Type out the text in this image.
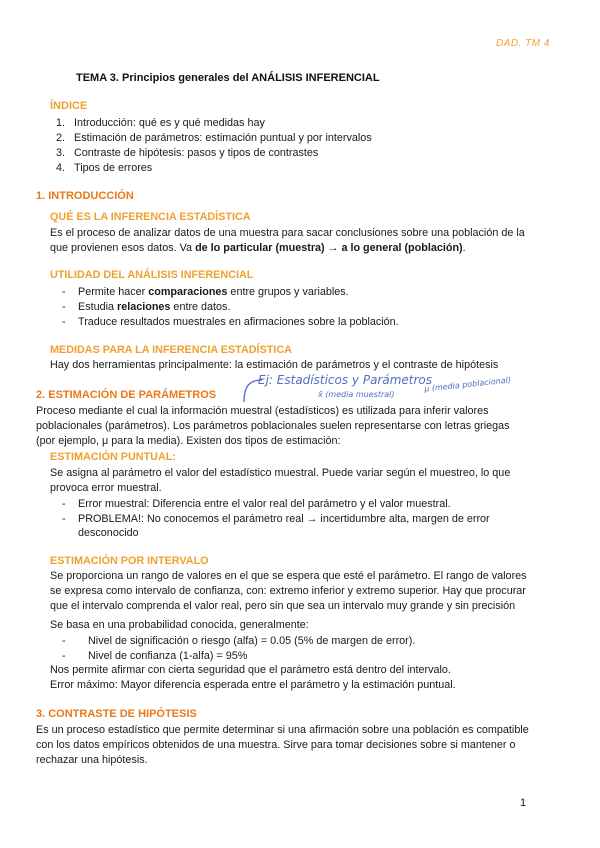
DAD. TM 4
TEMA 3. Principios generales del ANÁLISIS INFERENCIAL
ÍNDICE
1. Introducción: qué es y qué medidas hay
2. Estimación de parámetros: estimación puntual y por intervalos
3. Contraste de hipótesis: pasos y tipos de contrastes
4. Tipos de errores
1. INTRODUCCIÓN
QUÉ ES LA INFERENCIA ESTADÍSTICA
Es el proceso de analizar datos de una muestra para sacar conclusiones sobre una población de la
que provienen esos datos. Va de lo particular (muestra) → a lo general (población).
UTILIDAD DEL ANÁLISIS INFERENCIAL
- Permite hacer comparaciones entre grupos y variables.
- Estudia relaciones entre datos.
- Traduce resultados muestrales en afirmaciones sobre la población.
MEDIDAS PARA LA INFERENCIA ESTADÍSTICA
Hay dos herramientas principalmente: la estimación de parámetros y el contraste de hipótesis
Ej: Estadísticos y Parámetros
x̄ (media muestral)
μ (media poblacional)
2. ESTIMACIÓN DE PARÁMETROS
Proceso mediante el cual la información muestral (estadísticos) es utilizada para inferir valores
poblacionales (parámetros). Los parámetros poblacionales suelen representarse con letras griegas
(por ejemplo, μ para la media). Existen dos tipos de estimación:
ESTIMACIÓN PUNTUAL:
Se asigna al parámetro el valor del estadístico muestral. Puede variar según el muestreo, lo que
provoca error muestral.
- Error muestral: Diferencia entre el valor real del parámetro y el valor muestral.
- PROBLEMA!: No conocemos el parámetro real → incertidumbre alta, margen de error
desconocido
ESTIMACIÓN POR INTERVALO
Se proporciona un rango de valores en el que se espera que esté el parámetro. El rango de valores
se expresa como intervalo de confianza, con: extremo inferior y extremo superior. Hay que procurar
que el intervalo comprenda el valor real, pero sin que sea un intervalo muy grande y sin precisión
Se basa en una probabilidad conocida, generalmente:
- Nivel de significación o riesgo (alfa) = 0.05 (5% de margen de error).
- Nivel de confianza (1-alfa) = 95%
Nos permite afirmar con cierta seguridad que el parámetro está dentro del intervalo.
Error máximo: Mayor diferencia esperada entre el parámetro y la estimación puntual.
3. CONTRASTE DE HIPÓTESIS
Es un proceso estadístico que permite determinar si una afirmación sobre una población es compatible
con los datos empíricos obtenidos de una muestra. Sirve para tomar decisiones sobre si mantener o
rechazar una hipótesis.
1
